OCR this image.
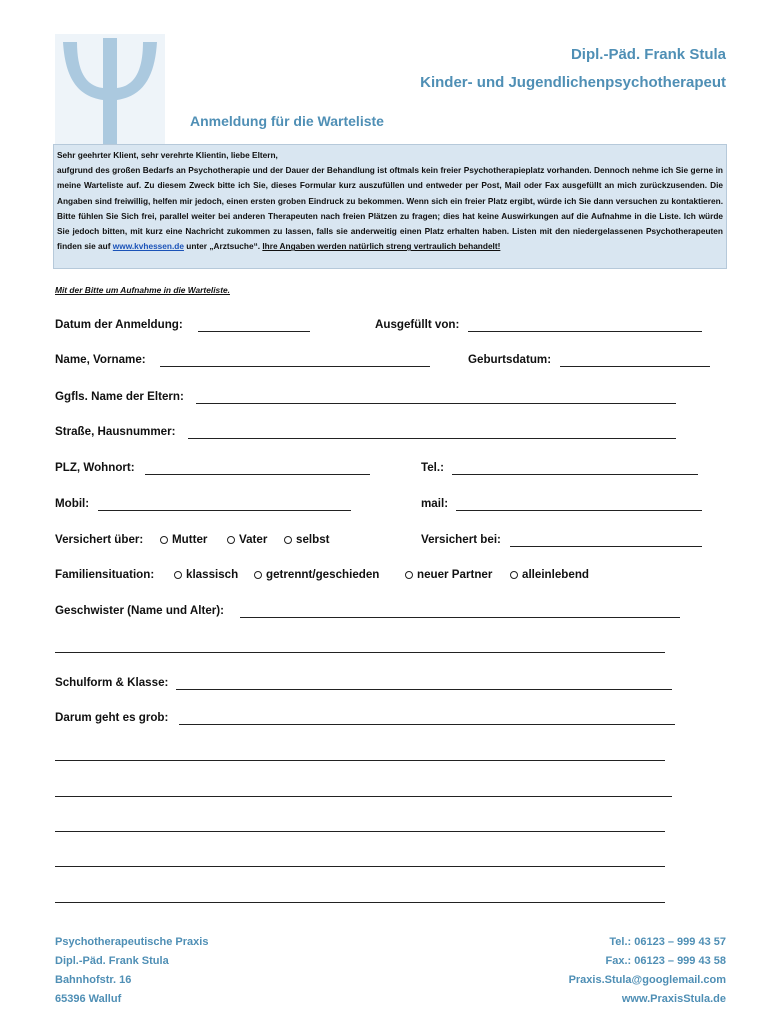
Dipl.-Päd. Frank Stula
Kinder- und Jugendlichenpsychotherapeut
Anmeldung für die Warteliste

Sehr geehrter Klient, sehr verehrte Klientin, liebe Eltern,

aufgrund des großen Bedarfs an Psychotherapie und der Dauer der Behandlung ist oftmals kein freier Psychotherapieplatz vorhanden. Dennoch nehme ich Sie gerne in meine Warteliste auf. Zu diesem Zweck bitte ich Sie, dieses Formular kurz auszufüllen und entweder per Post, Mail oder Fax ausgefüllt an mich zurückzusenden. Die Angaben sind freiwillig, helfen mir jedoch, einen ersten groben Eindruck zu bekommen. Wenn sich ein freier Platz ergibt, würde ich Sie dann versuchen zu kontaktieren. Bitte fühlen Sie Sich frei, parallel weiter bei anderen Therapeuten nach freien Plätzen zu fragen; dies hat keine Auswirkungen auf die Aufnahme in die Liste. Ich würde Sie jedoch bitten, mit kurz eine Nachricht zukommen zu lassen, falls sie anderweitig einen Platz erhalten haben. Listen mit den niedergelassenen Psychotherapeuten finden sie auf www.kvhessen.de unter „Arztsuche“. Ihre Angaben werden natürlich streng vertraulich behandelt!

Mit der Bitte um Aufnahme in die Warteliste.
Datum der Anmeldung:	Ausgefüllt von:
Name, Vorname:	Geburtsdatum:
Ggfls. Name der Eltern:
Straße, Hausnummer:
PLZ, Wohnort:	Tel.:
Mobil:	mail:
Versichert über: Mutter	Vater selbst	Versichert bei:
Familiensituation:	klassisch getrennt/geschieden	neuer Partner	alleinlebend
Geschwister (Name und Alter):
Schulform & Klasse:
Darum geht es grob:
Psychotherapeutische Praxis
Dipl.-Päd. Frank Stula
Bahnhofstr. 16
65396 Walluf
Tel.: 06123 – 999 43 57
Fax.: 06123 – 999 43 58
Praxis.Stula@googlemail.com
www.PraxisStula.de
